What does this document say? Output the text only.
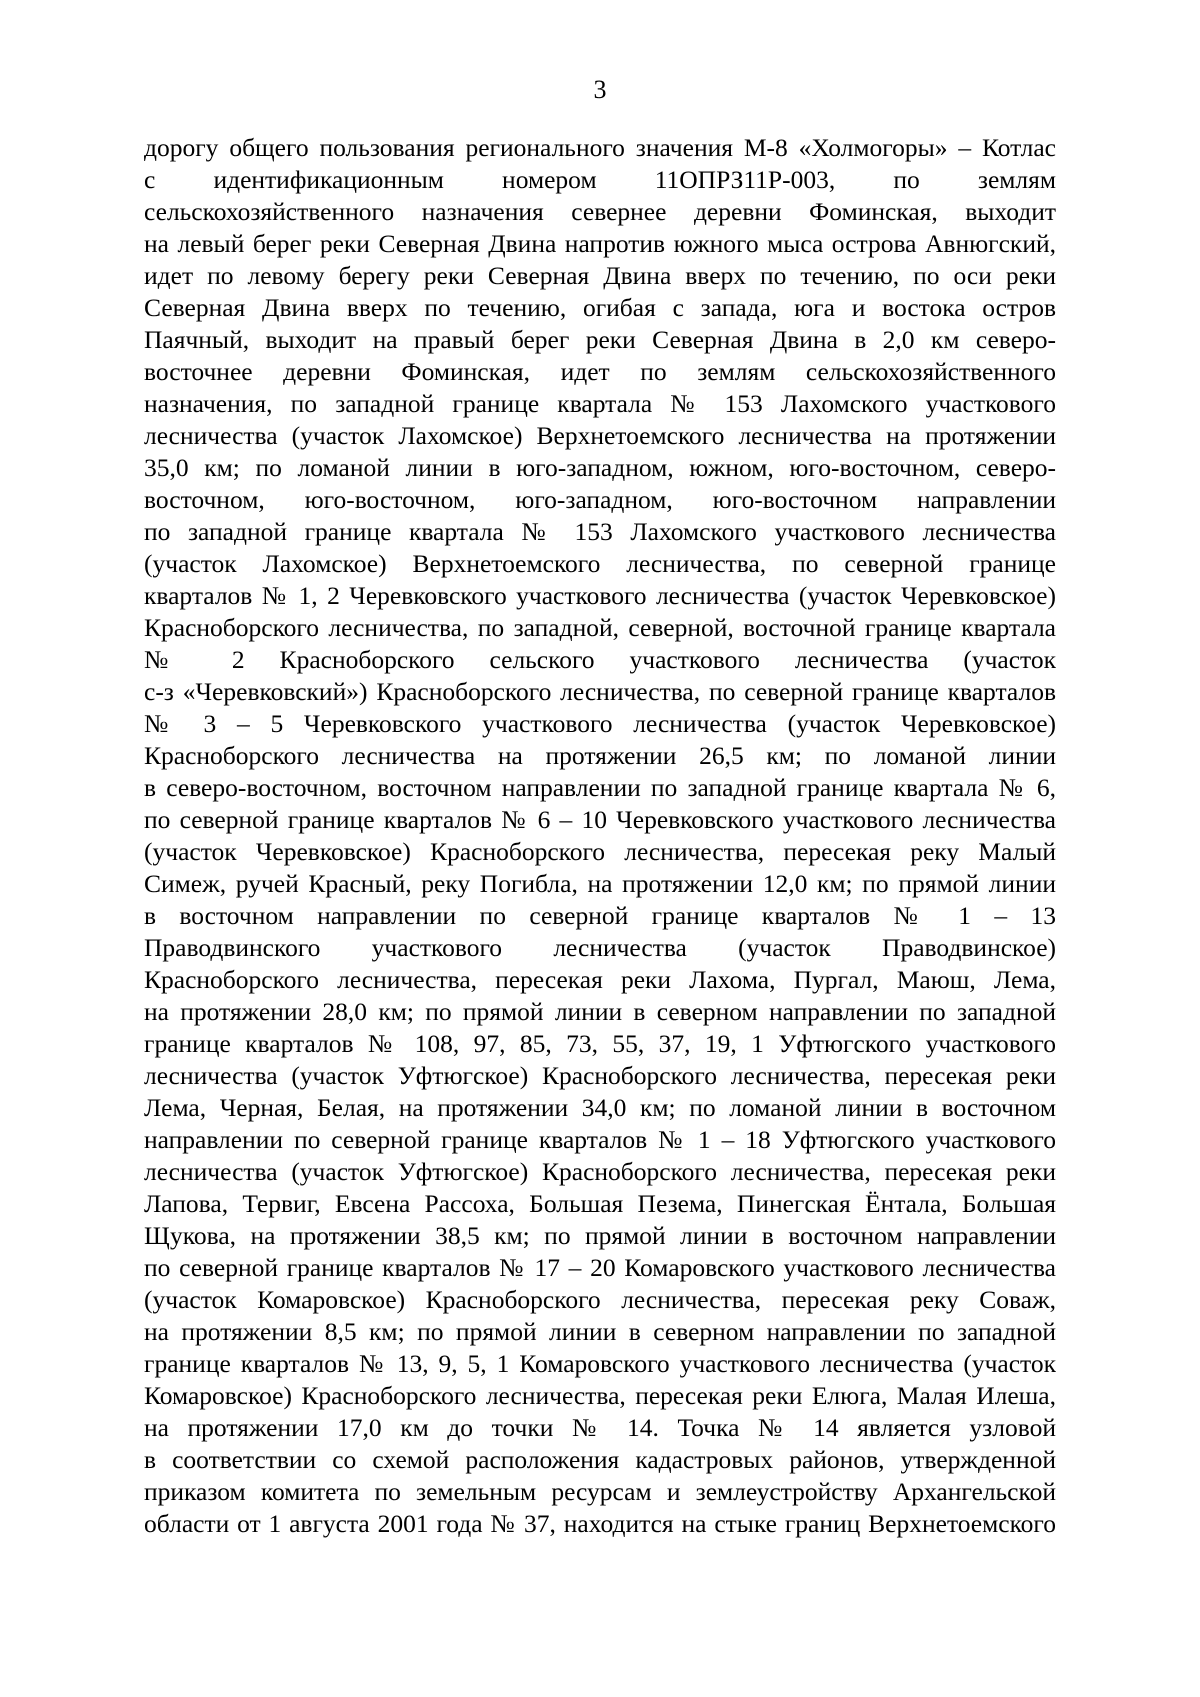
3
дорогу общего пользования регионального значения М-8 «Холмогоры» – Котлас
с идентификационным номером 11ОПРЗ11Р-003, по землям
сельскохозяйственного назначения севернее деревни Фоминская, выходит
на левый берег реки Северная Двина напротив южного мыса острова Авнюгский,
идет по левому берегу реки Северная Двина вверх по течению, по оси реки
Северная Двина вверх по течению, огибая с запада, юга и востока остров
Паячный, выходит на правый берег реки Северная Двина в 2,0 км северо-
восточнее деревни Фоминская, идет по землям сельскохозяйственного
назначения, по западной границе квартала № 153 Лахомского участкового
лесничества (участок Лахомское) Верхнетоемского лесничества на протяжении
35,0 км; по ломаной линии в юго-западном, южном, юго-восточном, северо-
восточном, юго-восточном, юго-западном, юго-восточном направлении
по западной границе квартала № 153 Лахомского участкового лесничества
(участок Лахомское) Верхнетоемского лесничества, по северной границе
кварталов № 1, 2 Черевковского участкового лесничества (участок Черевковское)
Красноборского лесничества, по западной, северной, восточной границе квартала
№ 2 Красноборского сельского участкового лесничества (участок
с-з «Черевковский») Красноборского лесничества, по северной границе кварталов
№ 3 – 5 Черевковского участкового лесничества (участок Черевковское)
Красноборского лесничества на протяжении 26,5 км; по ломаной линии
в северо-восточном, восточном направлении по западной границе квартала № 6,
по северной границе кварталов № 6 – 10 Черевковского участкового лесничества
(участок Черевковское) Красноборского лесничества, пересекая реку Малый
Симеж, ручей Красный, реку Погибла, на протяжении 12,0 км; по прямой линии
в восточном направлении по северной границе кварталов № 1 – 13
Праводвинского участкового лесничества (участок Праводвинское)
Красноборского лесничества, пересекая реки Лахома, Пургал, Маюш, Лема,
на протяжении 28,0 км; по прямой линии в северном направлении по западной
границе кварталов № 108, 97, 85, 73, 55, 37, 19, 1 Уфтюгского участкового
лесничества (участок Уфтюгское) Красноборского лесничества, пересекая реки
Лема, Черная, Белая, на протяжении 34,0 км; по ломаной линии в восточном
направлении по северной границе кварталов № 1 – 18 Уфтюгского участкового
лесничества (участок Уфтюгское) Красноборского лесничества, пересекая реки
Лапова, Тервиг, Евсена Рассоха, Большая Пезема, Пинегская Ёнтала, Большая
Щукова, на протяжении 38,5 км; по прямой линии в восточном направлении
по северной границе кварталов № 17 – 20 Комаровского участкового лесничества
(участок Комаровское) Красноборского лесничества, пересекая реку Соваж,
на протяжении 8,5 км; по прямой линии в северном направлении по западной
границе кварталов № 13, 9, 5, 1 Комаровского участкового лесничества (участок
Комаровское) Красноборского лесничества, пересекая реки Елюга, Малая Илеша,
на протяжении 17,0 км до точки № 14. Точка № 14 является узловой
в соответствии со схемой расположения кадастровых районов, утвержденной
приказом комитета по земельным ресурсам и землеустройству Архангельской
области от 1 августа 2001 года № 37, находится на стыке границ Верхнетоемского
